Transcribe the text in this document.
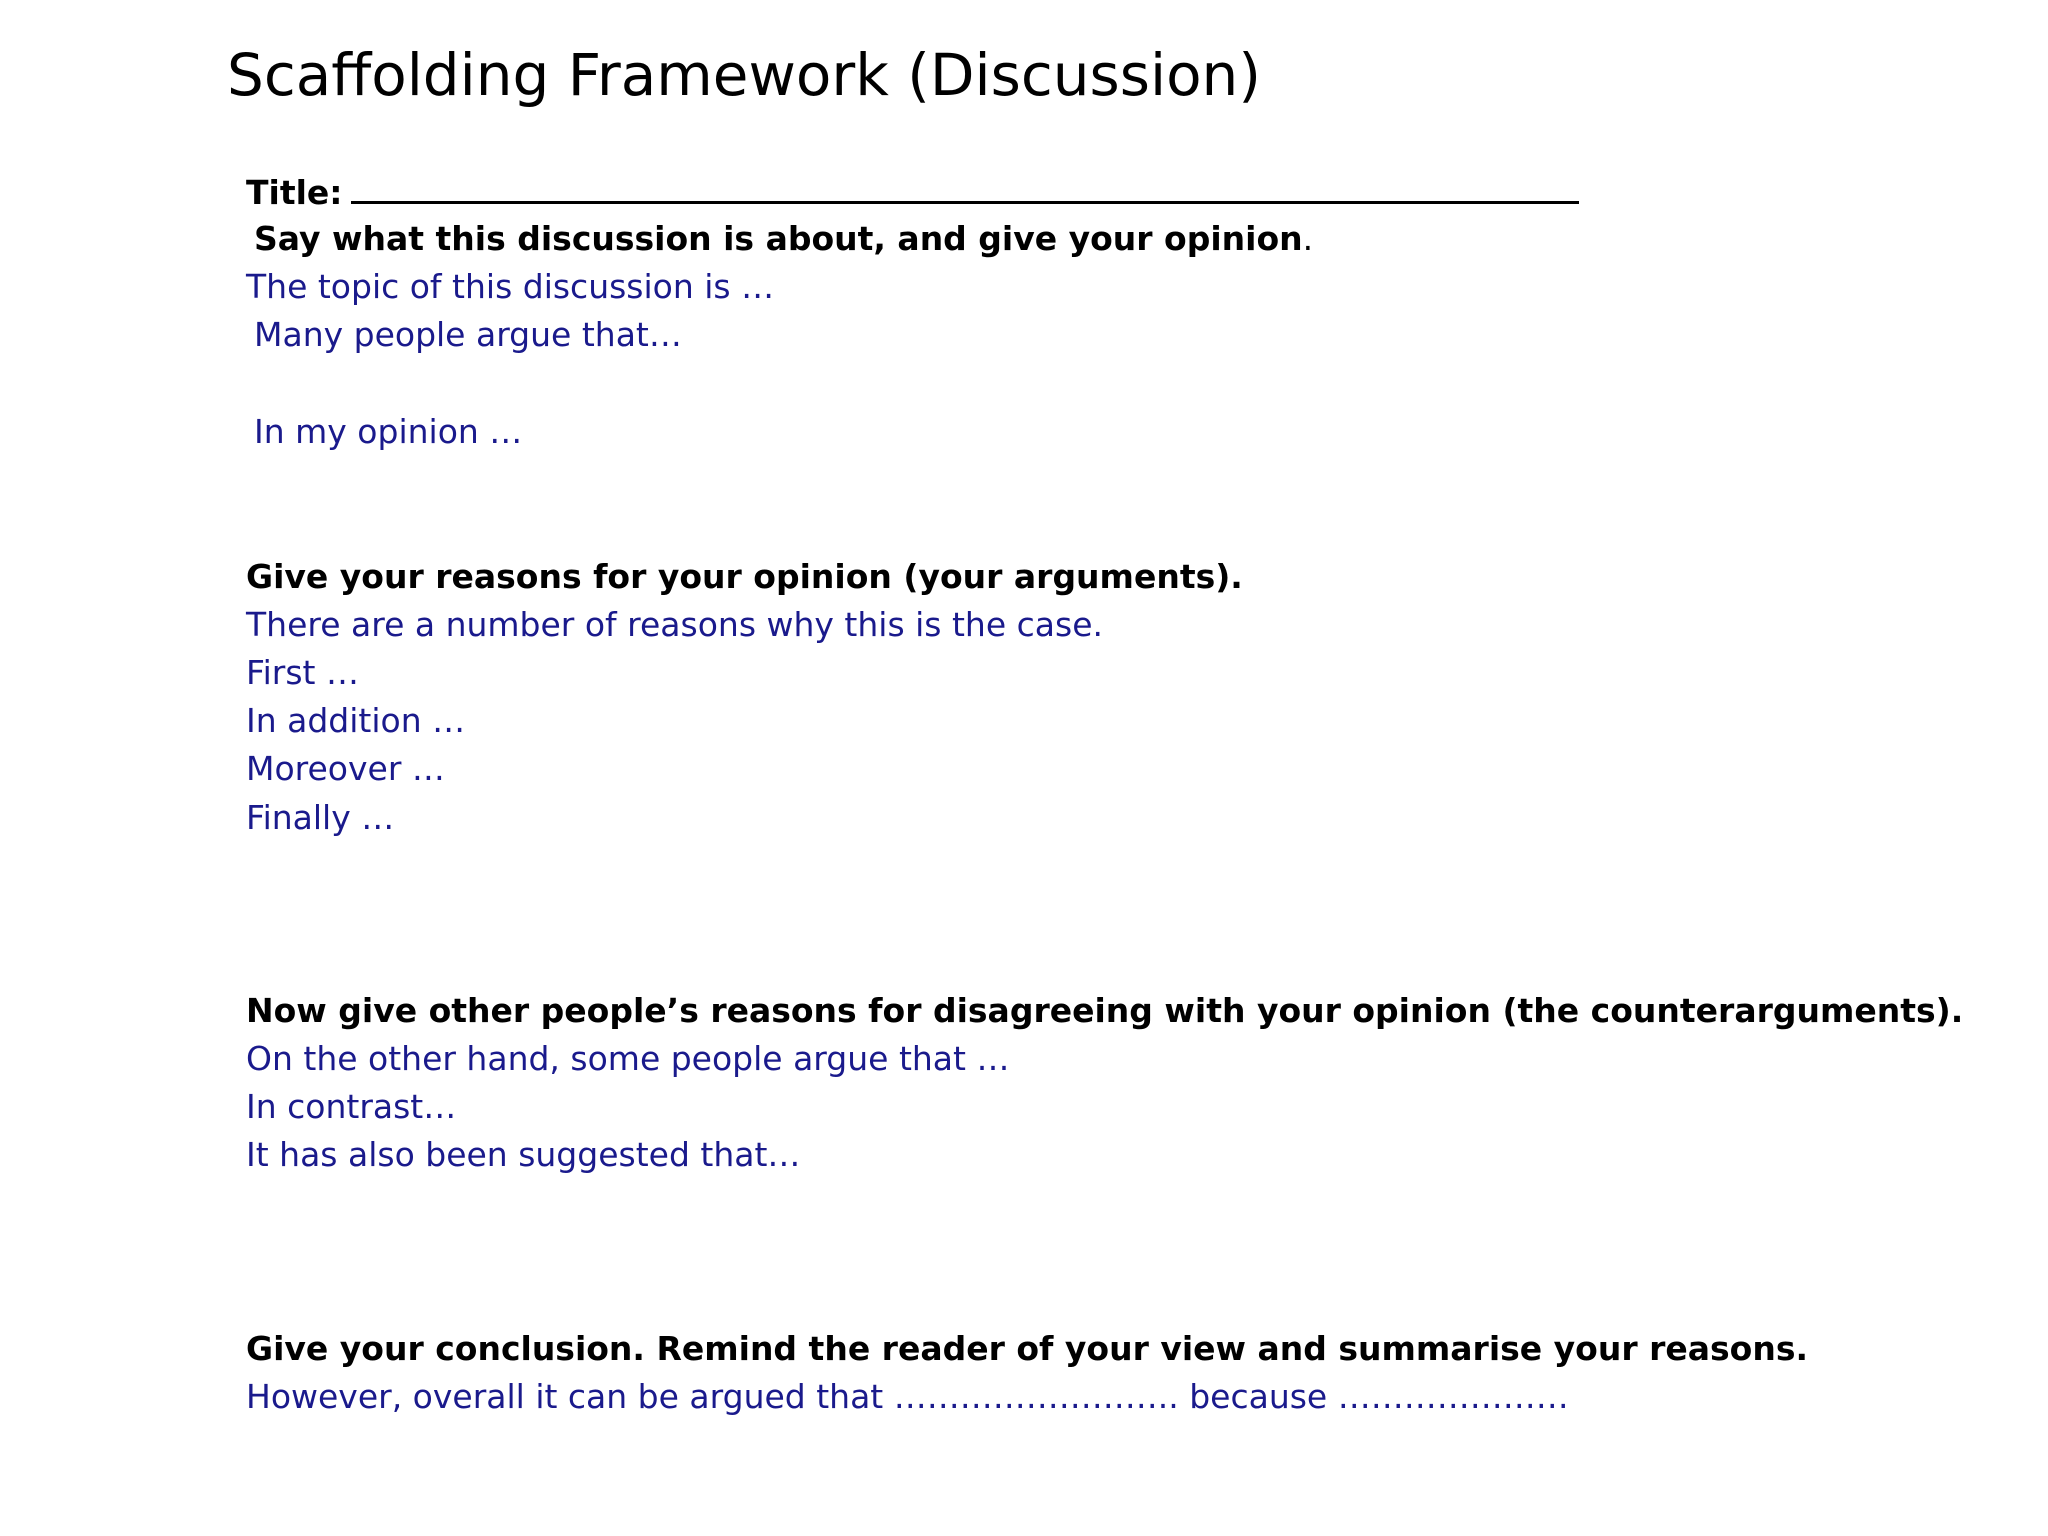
Scaffolding Framework (Discussion)
Title:
Say what this discussion is about, and give your opinion.
The topic of this discussion is …
Many people argue that…
In my opinion …
Give your reasons for your opinion (your arguments).
There are a number of reasons why this is the case.
First …
In addition …
Moreover …
Finally …
Now give other people’s reasons for disagreeing with your opinion (the counterarguments).
On the other hand, some people argue that …
In contrast…
It has also been suggested that…
Give your conclusion. Remind the reader of your view and summarise your reasons.
However, overall it can be argued that …………………….. because …………………
